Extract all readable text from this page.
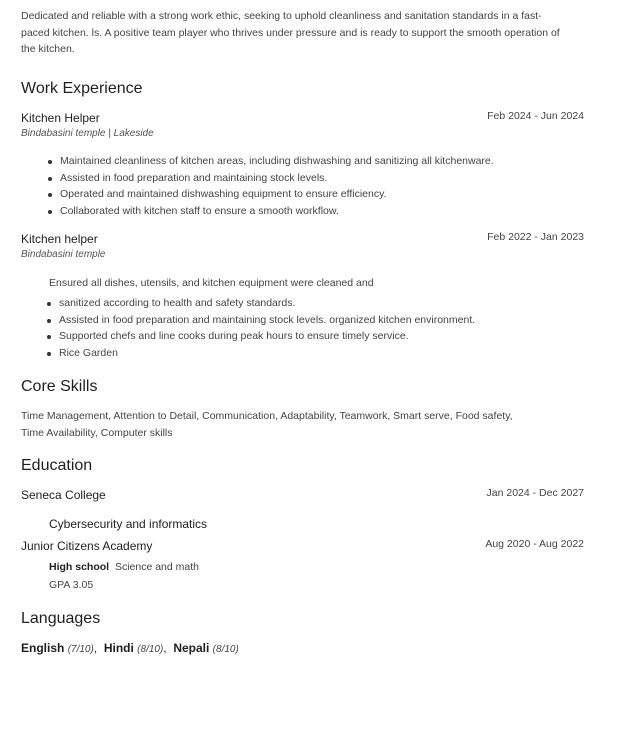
Dedicated and reliable with a strong work ethic, seeking to uphold cleanliness and sanitation standards in a fast-
paced kitchen. ls. A positive team player who thrives under pressure and is ready to support the smooth operation of
the kitchen.
Work Experience
Kitchen Helper	Feb 2024 - Jun 2024
Bindabasini temple | Lakeside
Maintained cleanliness of kitchen areas, including dishwashing and sanitizing all kitchenware.
Assisted in food preparation and maintaining stock levels.
Operated and maintained dishwashing equipment to ensure efficiency.
Collaborated with kitchen staff to ensure a smooth workflow.
Kitchen helper	Feb 2022 - Jan 2023
Bindabasini temple
Ensured all dishes, utensils, and kitchen equipment were cleaned and
sanitized according to health and safety standards.
Assisted in food preparation and maintaining stock levels. organized kitchen environment.
Supported chefs and line cooks during peak hours to ensure timely service.
Rice Garden
Core Skills
Time Management, Attention to Detail, Communication, Adaptability, Teamwork, Smart serve, Food safety,
Time Availability, Computer skills
Education
Seneca College	Jan 2024 - Dec 2027
Cybersecurity and informatics
Junior Citizens Academy	Aug 2020 - Aug 2022
High school Science and math
GPA 3.05
Languages
English (7/10),  Hindi (8/10),  Nepali (8/10)
